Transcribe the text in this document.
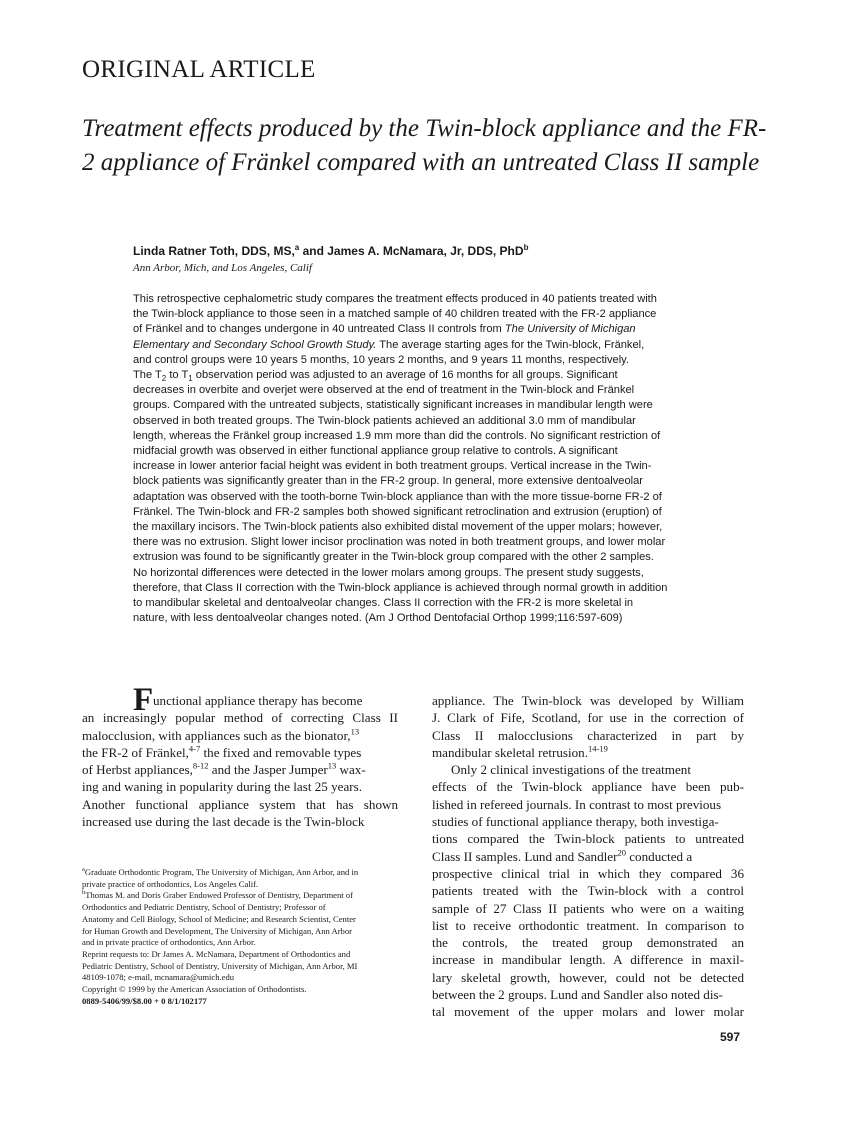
ORIGINAL ARTICLE
Treatment effects produced by the Twin-block appliance and the FR-2 appliance of Fränkel compared with an untreated Class II sample
Linda Ratner Toth, DDS, MS,$^a$ and James A. McNamara, Jr, DDS, PhD$^b$
Ann Arbor, Mich, and Los Angeles, Calif
This retrospective cephalometric study compares the treatment effects produced in 40 patients treated with
the Twin-block appliance to those seen in a matched sample of 40 children treated with the FR-2 appliance
of Fränkel and to changes undergone in 40 untreated Class II controls from The University of Michigan
Elementary and Secondary School Growth Study. The average starting ages for the Twin-block, Fränkel,
and control groups were 10 years 5 months, 10 years 2 months, and 9 years 11 months, respectively.
The $T_2$ to $T_1$ observation period was adjusted to an average of 16 months for all groups. Significant
decreases in overbite and overjet were observed at the end of treatment in the Twin-block and Fränkel
groups. Compared with the untreated subjects, statistically significant increases in mandibular length were
observed in both treated groups. The Twin-block patients achieved an additional 3.0 mm of mandibular
length, whereas the Fränkel group increased 1.9 mm more than did the controls. No significant restriction of
midfacial growth was observed in either functional appliance group relative to controls. A significant
increase in lower anterior facial height was evident in both treatment groups. Vertical increase in the Twin-
block patients was significantly greater than in the FR-2 group. In general, more extensive dentoalveolar
adaptation was observed with the tooth-borne Twin-block appliance than with the more tissue-borne FR-2 of
Fränkel. The Twin-block and FR-2 samples both showed significant retroclination and extrusion (eruption) of
the maxillary incisors. The Twin-block patients also exhibited distal movement of the upper molars; however,
there was no extrusion. Slight lower incisor proclination was noted in both treatment groups, and lower molar
extrusion was found to be significantly greater in the Twin-block group compared with the other 2 samples.
No horizontal differences were detected in the lower molars among groups. The present study suggests,
therefore, that Class II correction with the Twin-block appliance is achieved through normal growth in addition
to mandibular skeletal and dentoalveolar changes. Class II correction with the FR-2 is more skeletal in
nature, with less dentoalveolar changes noted. (Am J Orthod Dentofacial Orthop 1999;116:597-609)
F unctional appliance therapy has become
an increasingly popular method of correcting Class II
malocclusion, with appliances such as the bionator,$^{13}$
the FR-2 of Fränkel,$^{4-7}$ the fixed and removable types
of Herbst appliances,$^{8-12}$ and the Jasper Jumper$^{13}$ wax-
ing and waning in popularity during the last 25 years.
Another functional appliance system that has shown
increased use during the last decade is the Twin-block
$^a$Graduate Orthodontic Program, The University of Michigan, Ann Arbor, and in
private practice of orthodontics, Los Angeles Calif.
$^b$Thomas M. and Doris Graber Endowed Professor of Dentistry, Department of
Orthodontics and Pediatric Dentistry, School of Dentistry; Professor of
Anatomy and Cell Biology, School of Medicine; and Research Scientist, Center
for Human Growth and Development, The University of Michigan, Ann Arbor
and in private practice of orthodontics, Ann Arbor.
Reprint requests to: Dr James A. McNamara, Department of Orthodontics and
Pediatric Dentistry, School of Dentistry, University of Michigan, Ann Arbor, MI
48109-1078; e-mail, mcnamara@umich.edu
Copyright © 1999 by the American Association of Orthodontists.
0889-5406/99/$8.00 + 0 8/1/102177
appliance. The Twin-block was developed by William
J. Clark of Fife, Scotland, for use in the correction of
Class II malocclusions characterized in part by
mandibular skeletal retrusion.$^{14-19}$
Only 2 clinical investigations of the treatment
effects of the Twin-block appliance have been pub-
lished in refereed journals. In contrast to most previous
studies of functional appliance therapy, both investiga-
tions compared the Twin-block patients to untreated
Class II samples. Lund and Sandler$^{20}$ conducted a
prospective clinical trial in which they compared 36
patients treated with the Twin-block with a control
sample of 27 Class II patients who were on a waiting
list to receive orthodontic treatment. In comparison to
the controls, the treated group demonstrated an
increase in mandibular length. A difference in maxil-
lary skeletal growth, however, could not be detected
between the 2 groups. Lund and Sandler also noted dis-
tal movement of the upper molars and lower molar
597
